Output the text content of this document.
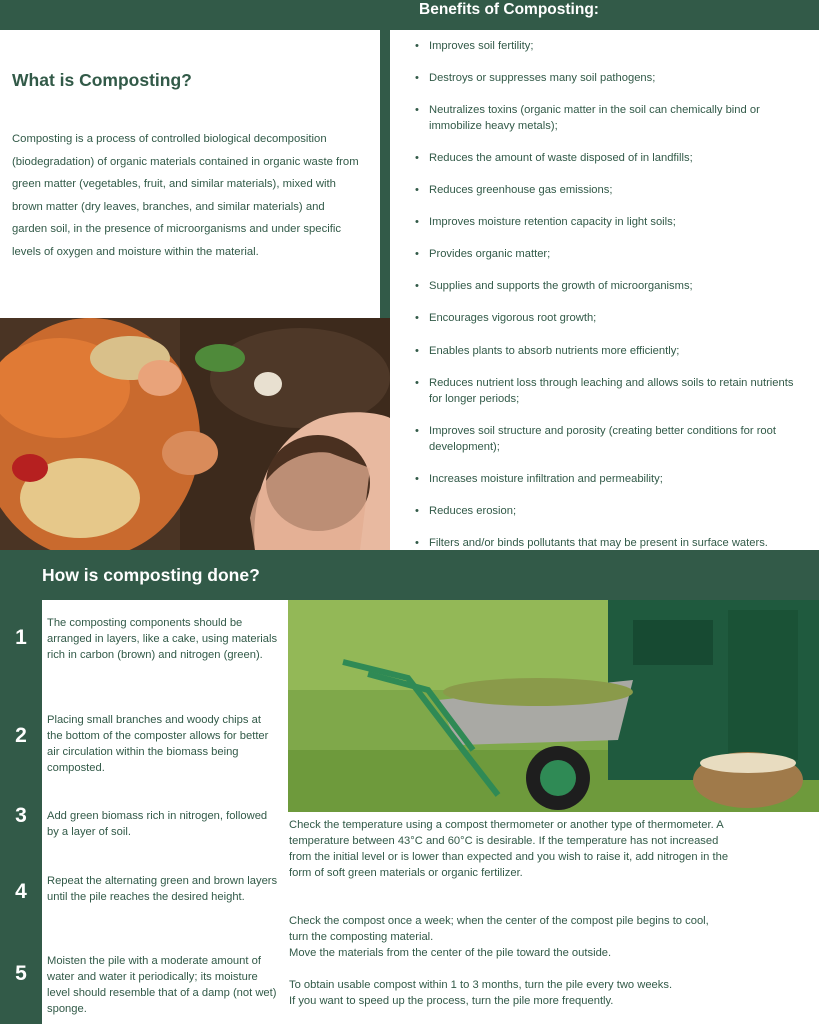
Benefits of Composting:
What is Composting?

Composting is a process of controlled biological decomposition (biodegradation) of organic materials contained in organic waste from green matter (vegetables, fruit, and similar materials), mixed with brown matter (dry leaves, branches, and similar materials) and garden soil, in the presence of microorganisms and under specific levels of oxygen and moisture within the material.

• Improves soil fertility;
• Destroys or suppresses many soil pathogens;
• Neutralizes toxins (organic matter in the soil can chemically bind or immobilize heavy metals);
• Reduces the amount of waste disposed of in landfills;
• Reduces greenhouse gas emissions;
• Improves moisture retention capacity in light soils;
• Provides organic matter;
• Supplies and supports the growth of microorganisms;
• Encourages vigorous root growth;
• Enables plants to absorb nutrients more efficiently;
• Reduces nutrient loss through leaching and allows soils to retain nutrients for longer periods;
• Improves soil structure and porosity (creating better conditions for root development);
• Increases moisture infiltration and permeability;
• Reduces erosion;
• Filters and/or binds pollutants that may be present in surface waters.
How is composting done?
1

The composting components should be arranged in layers, like a cake, using materials rich in carbon (brown) and nitrogen (green).

2

Placing small branches and woody chips at the bottom of the composter allows for better air circulation within the biomass being composted.

3	Add green biomass rich in nitrogen, followed by a layer of soil.

4	Repeat the alternating green and brown layers until the pile reaches the desired height.

5

Moisten the pile with a moderate amount of water and water it periodically; its moisture level should resemble that of a damp (not wet) sponge.

Check the temperature using a compost thermometer or another type of thermometer. A temperature between 43°C and 60°C is desirable. If the temperature has not increased from the initial level or is lower than expected and you wish to raise it, add nitrogen in the form of soft green materials or organic fertilizer.

Check the compost once a week; when the center of the compost pile begins to cool, turn the composting material.
Move the materials from the center of the pile toward the outside.

To obtain usable compost within 1 to 3 months, turn the pile every two weeks.
If you want to speed up the process, turn the pile more frequently.
